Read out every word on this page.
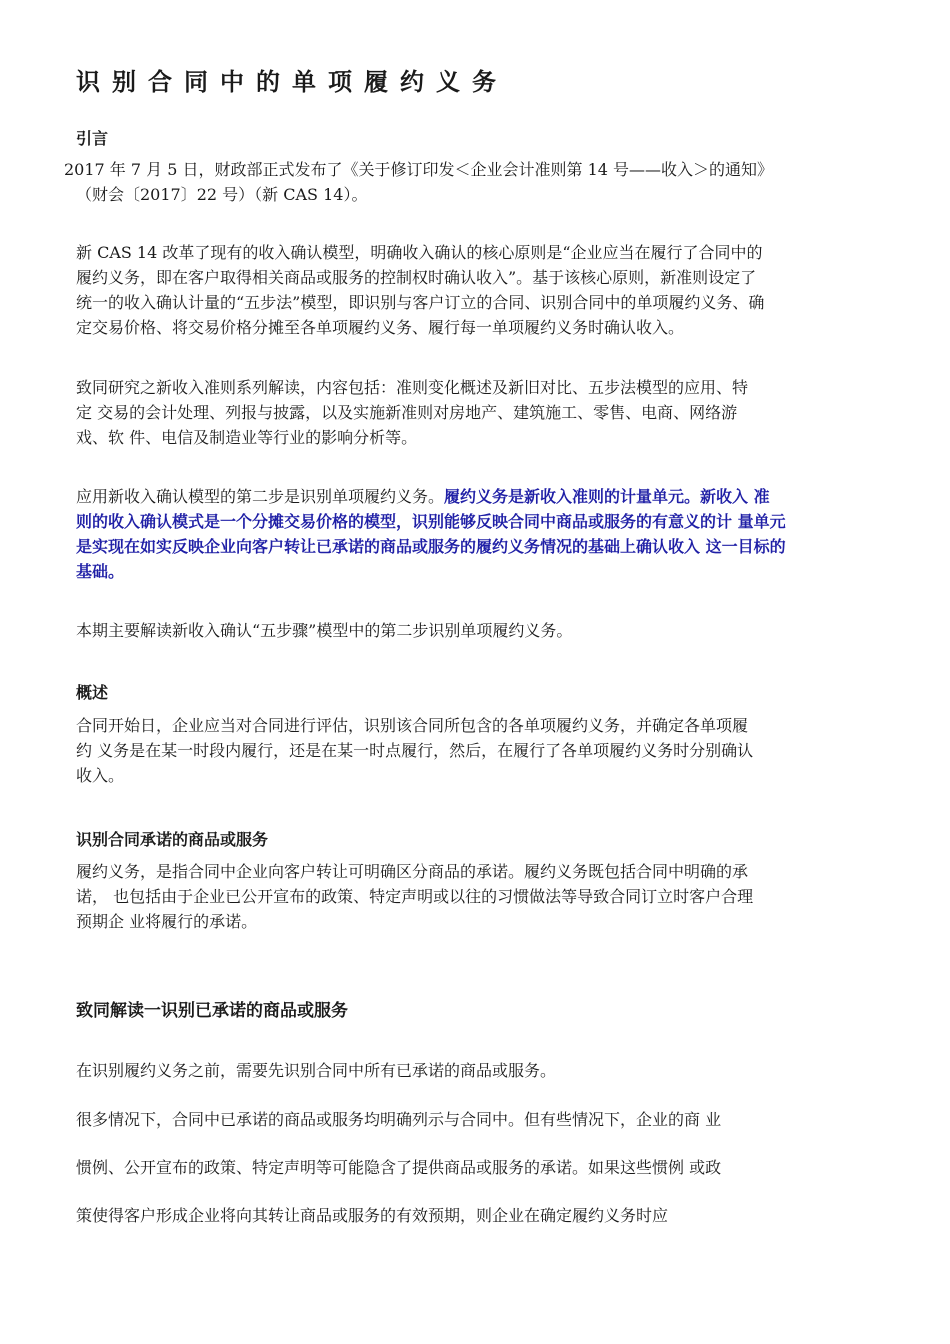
识别合同中的单项履约义务
引言

2017 年 7 月 5 日，财政部正式发布了《关于修订印发＜企业会计准则第 14 号——收入＞的通知》
（财会〔2017〕22 号）（新 CAS 14）。

新 CAS 14 改革了现有的收入确认模型，明确收入确认的核心原则是“企业应当在履行了合同中的
履约义务，即在客户取得相关商品或服务的控制权时确认收入”。基于该核心原则，新准则设定了
统一的收入确认计量的“五步法”模型，即识别与客户订立的合同、识别合同中的单项履约义务、确
定交易价格、将交易价格分摊至各单项履约义务、履行每一单项履约义务时确认收入。

致同研究之新收入准则系列解读，内容包括：准则变化概述及新旧对比、五步法模型的应用、特
定 交易的会计处理、列报与披露，以及实施新准则对房地产、建筑施工、零售、电商、网络游
戏、软 件、电信及制造业等行业的影响分析等。

应用新收入确认模型的第二步是识别单项履约义务。履约义务是新收入准则的计量单元。新收入 准
则的收入确认模式是一个分摊交易价格的模型，识别能够反映合同中商品或服务的有意义的计 量单元
是实现在如实反映企业向客户转让已承诺的商品或服务的履约义务情况的基础上确认收入 这一目标的
基础。

本期主要解读新收入确认“五步骤”模型中的第二步识别单项履约义务。

概述

合同开始日，企业应当对合同进行评估，识别该合同所包含的各单项履约义务，并确定各单项履
约 义务是在某一时段内履行，还是在某一时点履行，然后，在履行了各单项履约义务时分别确认
收入。

识别合同承诺的商品或服务

履约义务，是指合同中企业向客户转让可明确区分商品的承诺。履约义务既包括合同中明确的承
诺， 也包括由于企业已公开宣布的政策、特定声明或以往的习惯做法等导致合同订立时客户合理
预期企 业将履行的承诺。

致同解读一识别已承诺的商品或服务

在识别履约义务之前，需要先识别合同中所有已承诺的商品或服务。

很多情况下，合同中已承诺的商品或服务均明确列示与合同中。但有些情况下，企业的商 业
惯例、公开宣布的政策、特定声明等可能隐含了提供商品或服务的承诺。如果这些惯例 或政
策使得客户形成企业将向其转让商品或服务的有效预期，则企业在确定履约义务时应
